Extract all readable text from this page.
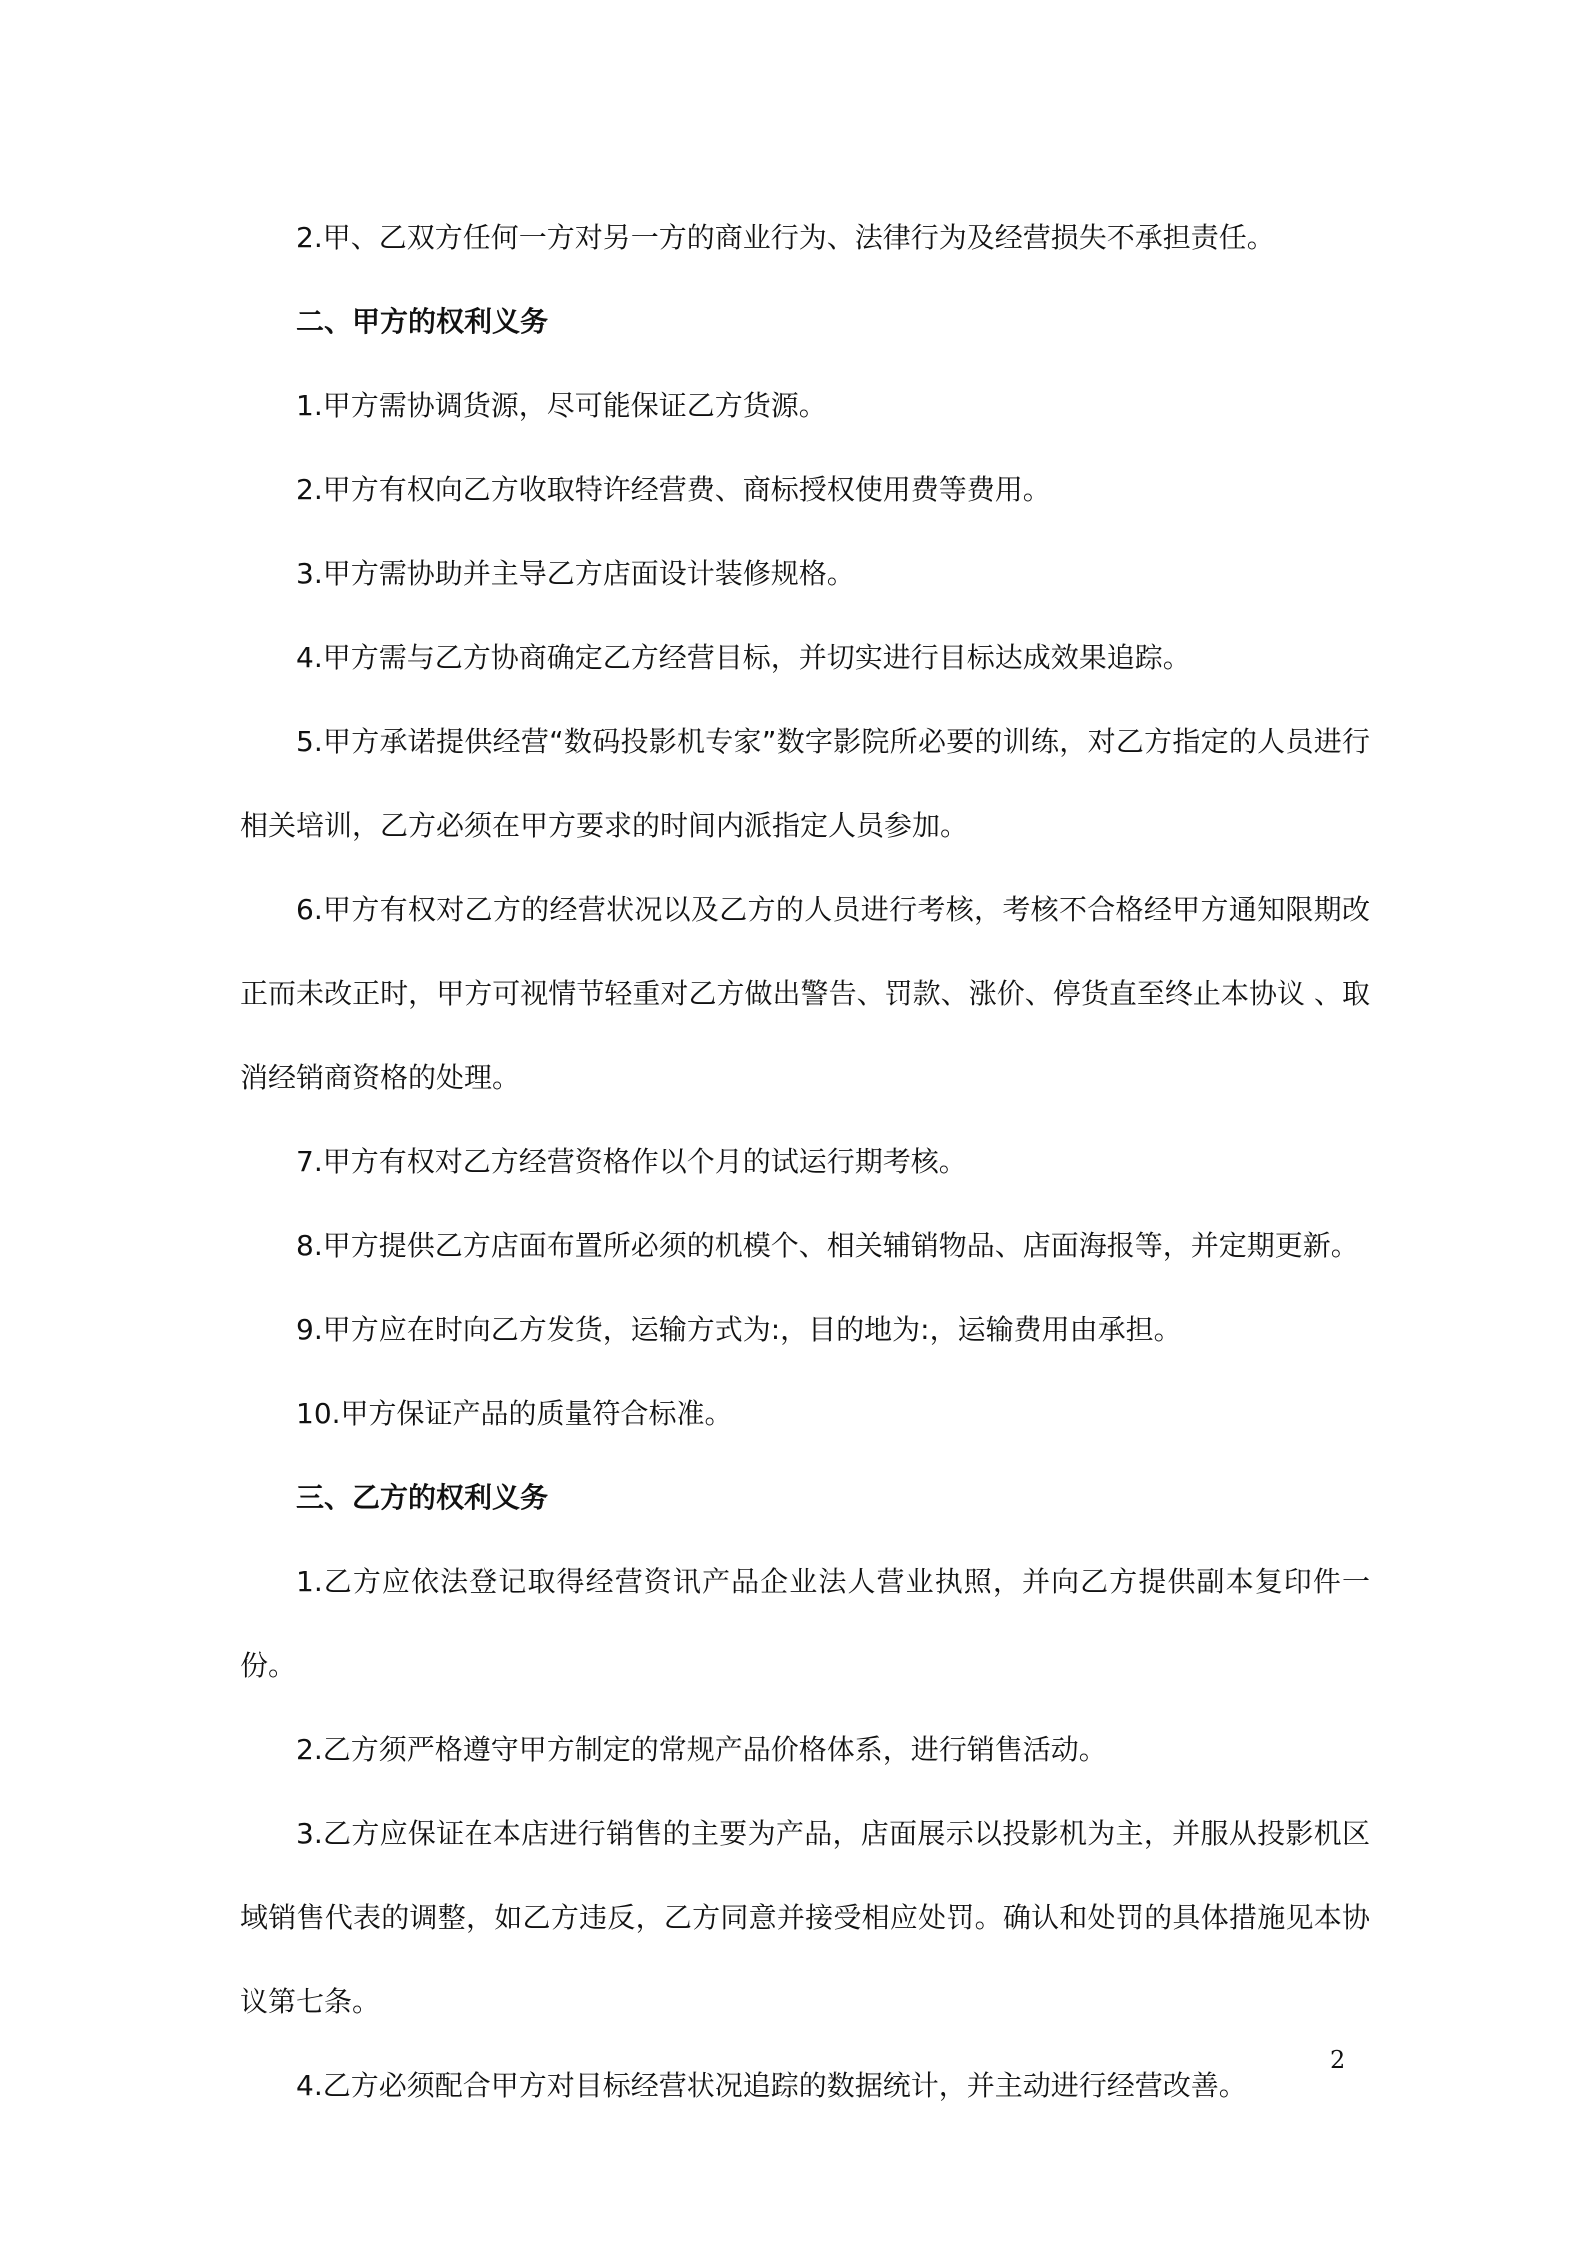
2.甲、乙双方任何一方对另一方的商业行为、法律行为及经营损失不承担责任。

二、甲方的权利义务

1.甲方需协调货源，尽可能保证乙方货源。

2.甲方有权向乙方收取特许经营费、商标授权使用费等费用。

3.甲方需协助并主导乙方店面设计装修规格。

4.甲方需与乙方协商确定乙方经营目标，并切实进行目标达成效果追踪。

5.甲方承诺提供经营“数码投影机专家”数字影院所必要的训练，对乙方指定的人员进行相关培训，乙方必须在甲方要求的时间内派指定人员参加。

6.甲方有权对乙方的经营状况以及乙方的人员进行考核，考核不合格经甲方通知限期改正而未改正时，甲方可视情节轻重对乙方做出警告、罚款、涨价、停货直至终止本协议 、取消经销商资格的处理。

7.甲方有权对乙方经营资格作以个月的试运行期考核。

8.甲方提供乙方店面布置所必须的机模个、相关辅销物品、店面海报等，并定期更新。

9.甲方应在时向乙方发货，运输方式为:，目的地为:，运输费用由承担。

10.甲方保证产品的质量符合标准。

三、乙方的权利义务

1.乙方应依法登记取得经营资讯产品企业法人营业执照，并向乙方提供副本复印件一份。

2.乙方须严格遵守甲方制定的常规产品价格体系，进行销售活动。

3.乙方应保证在本店进行销售的主要为产品，店面展示以投影机为主，并服从投影机区域销售代表的调整，如乙方违反，乙方同意并接受相应处罚。确认和处罚的具体措施见本协议第七条。

4.乙方必须配合甲方对目标经营状况追踪的数据统计，并主动进行经营改善。

2
